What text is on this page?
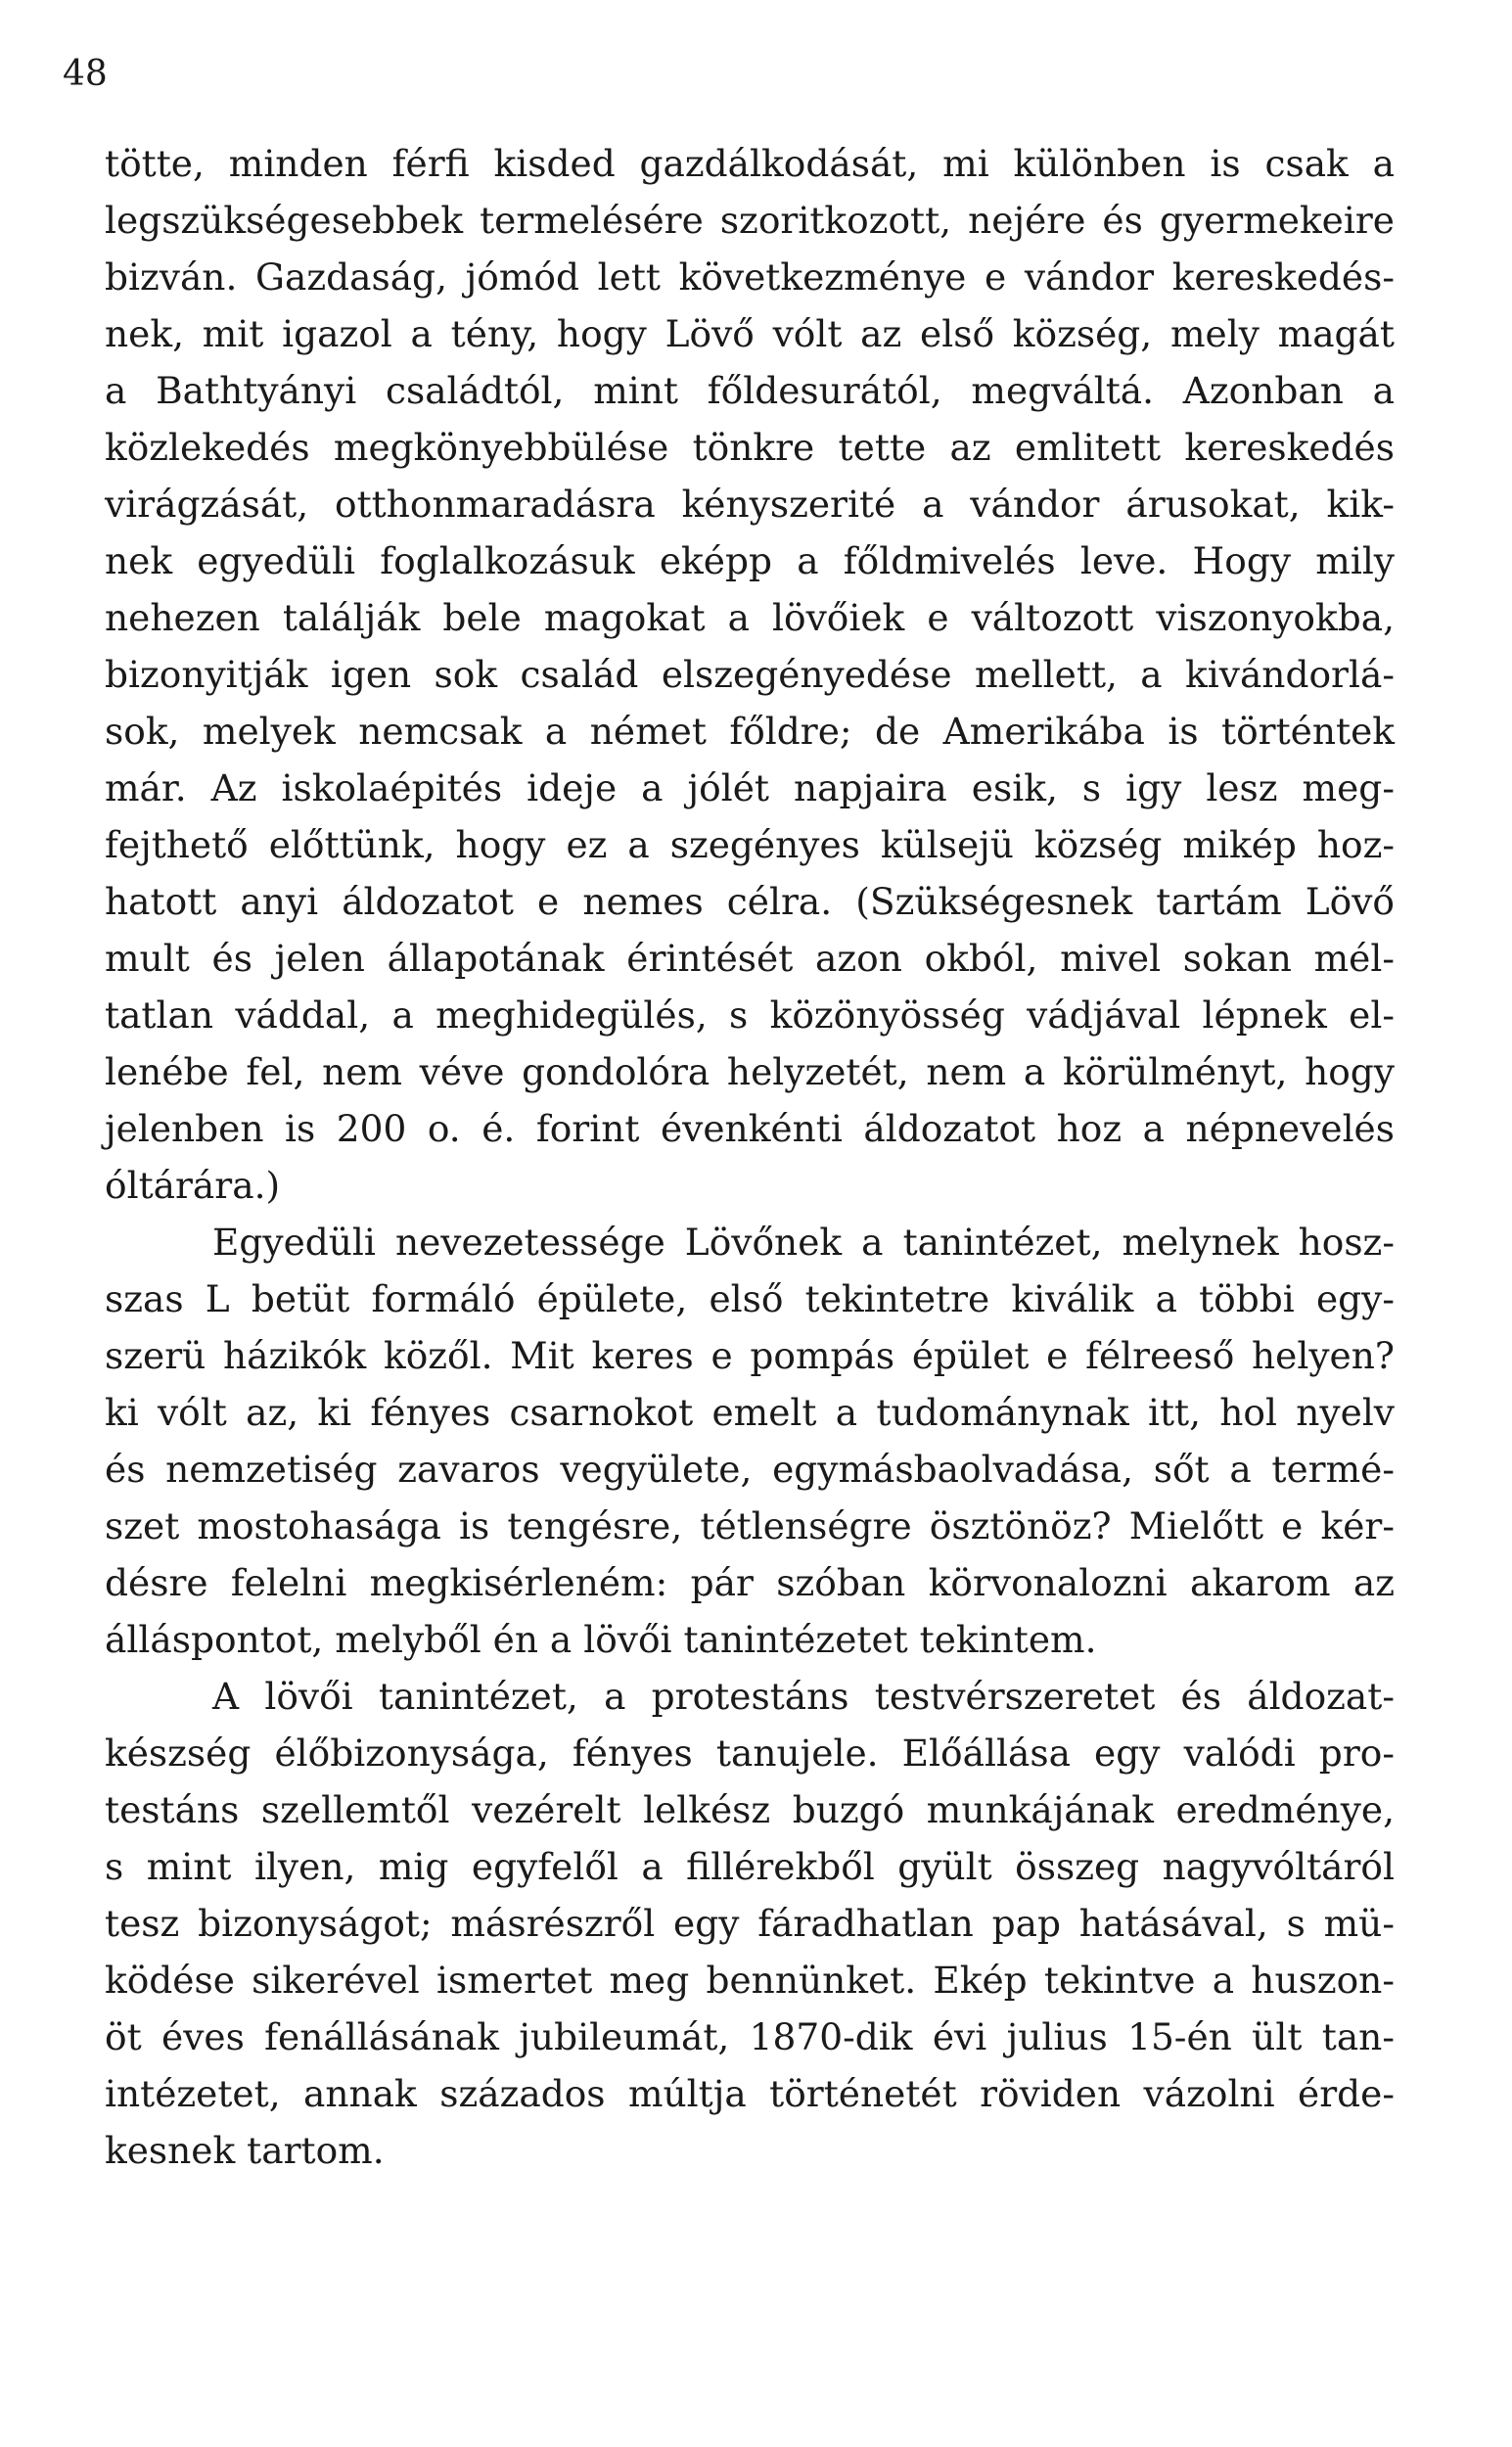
48
tötte, minden férfi kisded gazdálkodását, mi különben is csak a
legszükségesebbek termelésére szoritkozott, nejére és gyermekeire
bizván. Gazdaság, jómód lett következménye e vándor kereskedés-
nek, mit igazol a tény, hogy Lövő vólt az első község, mely magát
a Bathtyányi családtól, mint főldesurától, megváltá. Azonban a
közlekedés megkönyebbülése tönkre tette az emlitett kereskedés
virágzását, otthonmaradásra kényszerité a vándor árusokat, kik-
nek egyedüli foglalkozásuk eképp a főldmivelés leve. Hogy mily
nehezen találják bele magokat a lövőiek e változott viszonyokba,
bizonyitják igen sok család elszegényedése mellett, a kivándorlá-
sok, melyek nemcsak a német főldre; de Amerikába is történtek
már. Az iskolaépités ideje a jólét napjaira esik, s igy lesz meg-
fejthető előttünk, hogy ez a szegényes külsejü község mikép hoz-
hatott anyi áldozatot e nemes célra. (Szükségesnek tartám Lövő
mult és jelen állapotának érintését azon okból, mivel sokan mél-
tatlan váddal, a meghidegülés, s közönyösség vádjával lépnek el-
lenébe fel, nem véve gondolóra helyzetét, nem a körülményt, hogy
jelenben is 200 o. é. forint évenkénti áldozatot hoz a népnevelés
óltárára.)
Egyedüli nevezetessége Lövőnek a tanintézet, melynek hosz-
szas L betüt formáló épülete, első tekintetre kiválik a többi egy-
szerü házikók közől. Mit keres e pompás épület e félreeső helyen?
ki vólt az, ki fényes csarnokot emelt a tudománynak itt, hol nyelv
és nemzetiség zavaros vegyülete, egymásbaolvadása, sőt a termé-
szet mostohasága is tengésre, tétlenségre ösztönöz? Mielőtt e kér-
désre felelni megkisérleném: pár szóban körvonalozni akarom az
álláspontot, melyből én a lövői tanintézetet tekintem.
A lövői tanintézet, a protestáns testvérszeretet és áldozat-
készség élőbizonysága, fényes tanujele. Előállása egy valódi pro-
testáns szellemtől vezérelt lelkész buzgó munkájának eredménye,
s mint ilyen, mig egyfelől a fillérekből gyült összeg nagyvóltáról
tesz bizonyságot; másrészről egy fáradhatlan pap hatásával, s mü-
ködése sikerével ismertet meg bennünket. Ekép tekintve a huszon-
öt éves fenállásának jubileumát, 1870-dik évi julius 15-én ült tan-
intézetet, annak százados múltja történetét röviden vázolni érde-
kesnek tartom.
